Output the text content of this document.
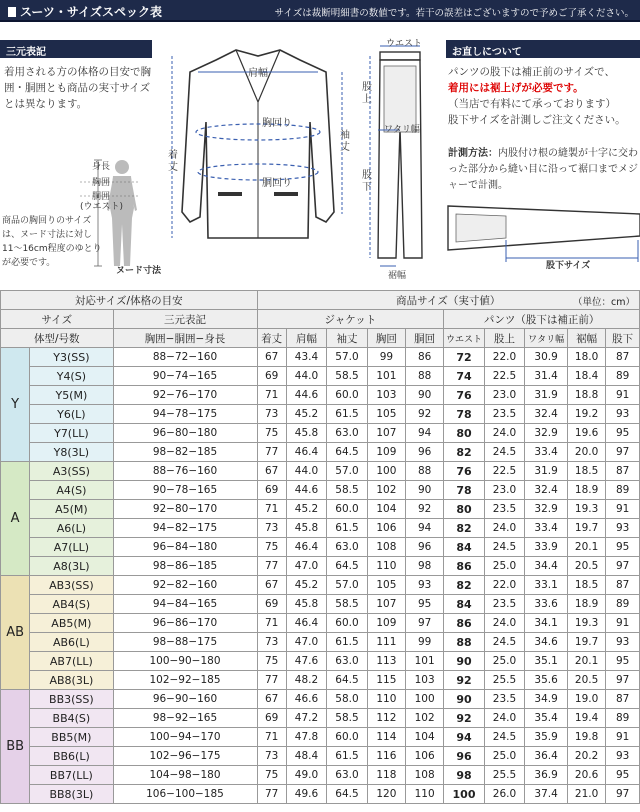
スーツ・サイズスペック表	サイズは裁断明細書の数値です。若干の誤差はございますので予めご了承ください。
三元表記
着用される方の体格の目安で胸囲・胴囲とも商品の実寸サイズとは異なります。
身長
胸囲
胴囲
(ウエスト)
ヌード寸法
商品の胸回りのサイズは、ヌード寸法に対し11〜16cm程度のゆとりが必要です。
肩幅
胸回り
胴回り
袖丈
着丈
ウエスト
股上
ワタリ幅
股下
裾幅
お直しについて
パンツの股下は補正前のサイズで、
着用には裾上げが必要です。
（当店で有料にて承っております）
股下サイズを計測しご注文ください。
計測方法：内股付け根の縫製が十字に交わった部分から縫い目に沿って裾口までメジャーで計測。
股下サイズ
対応サイズ/体格の目安			商品サイズ（実寸値） （単位：cm）									

サイズ		三元表記	ジャケット					パンツ（股下は補正前）				
体型/号数		胸囲−胴囲−身長	着丈	肩幅	袖丈	胸回	胴回	ウエスト	股上	ワタリ幅	裾幅	股下
Y	Y3(SS)	88−72−160	67	43.4	57.0	99	86	72	22.0	30.9	18.0	87
	Y4(S)	90−74−165	69	44.0	58.5	101	88	74	22.5	31.4	18.4	89
	Y5(M)	92−76−170	71	44.6	60.0	103	90	76	23.0	31.9	18.8	91
	Y6(L)	94−78−175	73	45.2	61.5	105	92	78	23.5	32.4	19.2	93
	Y7(LL)	96−80−180	75	45.8	63.0	107	94	80	24.0	32.9	19.6	95
	Y8(3L)	98−82−185	77	46.4	64.5	109	96	82	24.5	33.4	20.0	97
A	A3(SS)	88−76−160	67	44.0	57.0	100	88	76	22.5	31.9	18.5	87
	A4(S)	90−78−165	69	44.6	58.5	102	90	78	23.0	32.4	18.9	89
	A5(M)	92−80−170	71	45.2	60.0	104	92	80	23.5	32.9	19.3	91
	A6(L)	94−82−175	73	45.8	61.5	106	94	82	24.0	33.4	19.7	93
	A7(LL)	96−84−180	75	46.4	63.0	108	96	84	24.5	33.9	20.1	95
	A8(3L)	98−86−185	77	47.0	64.5	110	98	86	25.0	34.4	20.5	97
AB	AB3(SS)	92−82−160	67	45.2	57.0	105	93	82	22.0	33.1	18.5	87
	AB4(S)	94−84−165	69	45.8	58.5	107	95	84	23.5	33.6	18.9	89
	AB5(M)	96−86−170	71	46.4	60.0	109	97	86	24.0	34.1	19.3	91
	AB6(L)	98−88−175	73	47.0	61.5	111	99	88	24.5	34.6	19.7	93
	AB7(LL)	100−90−180	75	47.6	63.0	113	101	90	25.0	35.1	20.1	95
	AB8(3L)	102−92−185	77	48.2	64.5	115	103	92	25.5	35.6	20.5	97
BB	BB3(SS)	96−90−160	67	46.6	58.0	110	100	90	23.5	34.9	19.0	87
	BB4(S)	98−92−165	69	47.2	58.5	112	102	92	24.0	35.4	19.4	89
	BB5(M)	100−94−170	71	47.8	60.0	114	104	94	24.5	35.9	19.8	91
	BB6(L)	102−96−175	73	48.4	61.5	116	106	96	25.0	36.4	20.2	93
	BB7(LL)	104−98−180	75	49.0	63.0	118	108	98	25.5	36.9	20.6	95
	BB8(3L)	106−100−185	77	49.6	64.5	120	110	100	26.0	37.4	21.0	97
